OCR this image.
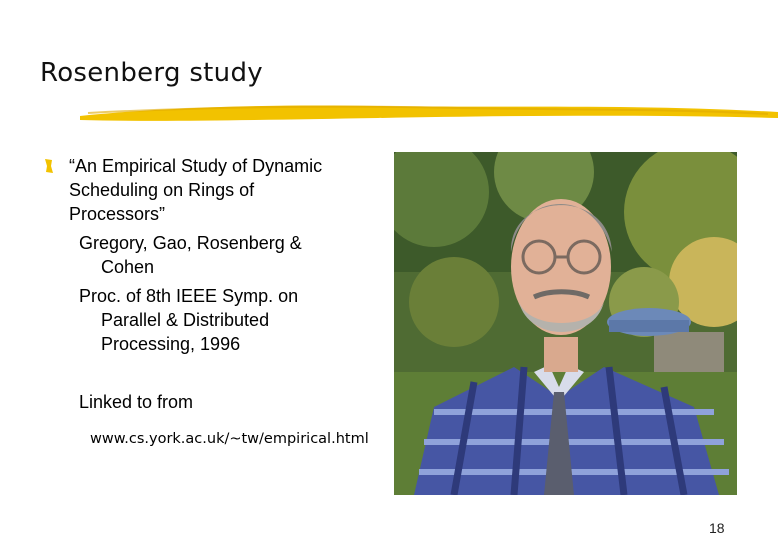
Rosenberg study
“An Empirical Study of Dynamic
Scheduling on Rings of
Processors”
Gregory, Gao, Rosenberg &
Cohen
Proc. of 8th IEEE Symp. on
Parallel & Distributed
Processing, 1996
Linked to from
www.cs.york.ac.uk/~tw/empirical.html
18
